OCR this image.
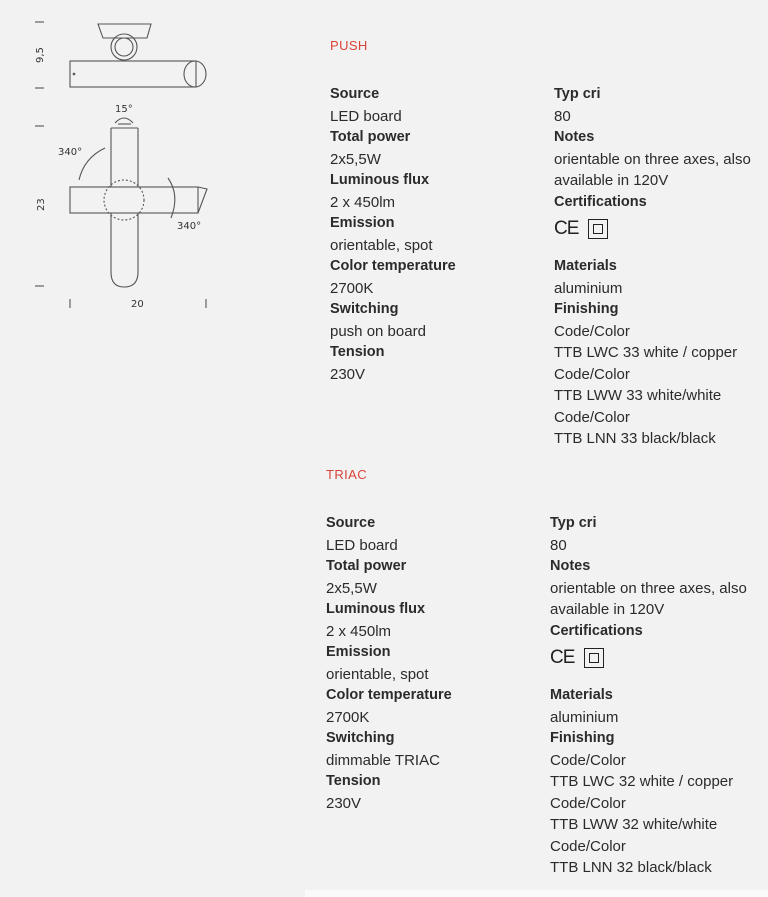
9,5
15°
340°
23
340°
20
PUSH
Source
LED board
Total power
2x5,5W
Luminous flux
2 x 450lm
Emission
orientable, spot
Color temperature
2700K
Switching
push on board
Tension
230V
Typ cri
80
Notes
orientable on three axes, also
available in 120V
Certifications
CE
Materials
aluminium
Finishing
Code/Color
TTB LWC 33 white / copper
Code/Color
TTB LWW 33 white/white
Code/Color
TTB LNN 33 black/black
TRIAC
Source
LED board
Total power
2x5,5W
Luminous flux
2 x 450lm
Emission
orientable, spot
Color temperature
2700K
Switching
dimmable TRIAC
Tension
230V
Typ cri
80
Notes
orientable on three axes, also
available in 120V
Certifications
CE
Materials
aluminium
Finishing
Code/Color
TTB LWC 32 white / copper
Code/Color
TTB LWW 32 white/white
Code/Color
TTB LNN 32 black/black
